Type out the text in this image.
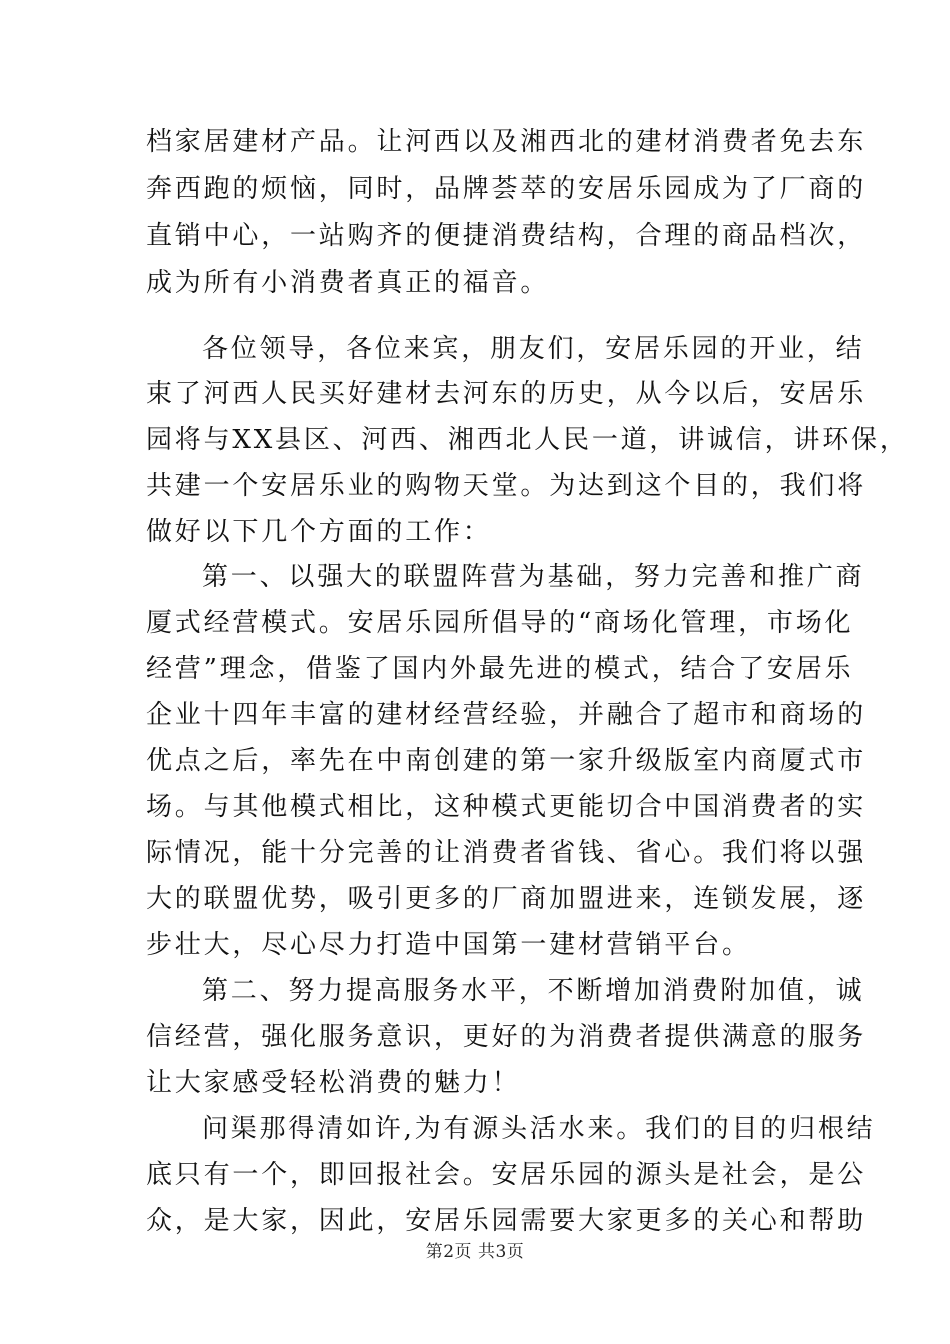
档家居建材产品。让河西以及湘西北的建材消费者免去东
奔西跑的烦恼，同时，品牌荟萃的安居乐园成为了厂商的
直销中心，一站购齐的便捷消费结构，合理的商品档次，
成为所有小消费者真正的福音。
各位领导，各位来宾，朋友们，安居乐园的开业，结
束了河西人民买好建材去河东的历史，从今以后，安居乐
园将与XX县区、河西、湘西北人民一道，讲诚信，讲环保，
共建一个安居乐业的购物天堂。为达到这个目的，我们将
做好以下几个方面的工作：
第一、以强大的联盟阵营为基础，努力完善和推广商
厦式经营模式。安居乐园所倡导的“商场化管理，市场化
经营”理念，借鉴了国内外最先进的模式，结合了安居乐
企业十四年丰富的建材经营经验，并融合了超市和商场的
优点之后，率先在中南创建的第一家升级版室内商厦式市
场。与其他模式相比，这种模式更能切合中国消费者的实
际情况，能十分完善的让消费者省钱、省心。我们将以强
大的联盟优势，吸引更多的厂商加盟进来，连锁发展，逐
步壮大，尽心尽力打造中国第一建材营销平台。
第二、努力提高服务水平，不断增加消费附加值，诚
信经营，强化服务意识，更好的为消费者提供满意的服务
让大家感受轻松消费的魅力！
问渠那得清如许,为有源头活水来。我们的目的归根结
底只有一个，即回报社会。安居乐园的源头是社会，是公
众，是大家，因此，安居乐园需要大家更多的关心和帮助
第2页 共3页
